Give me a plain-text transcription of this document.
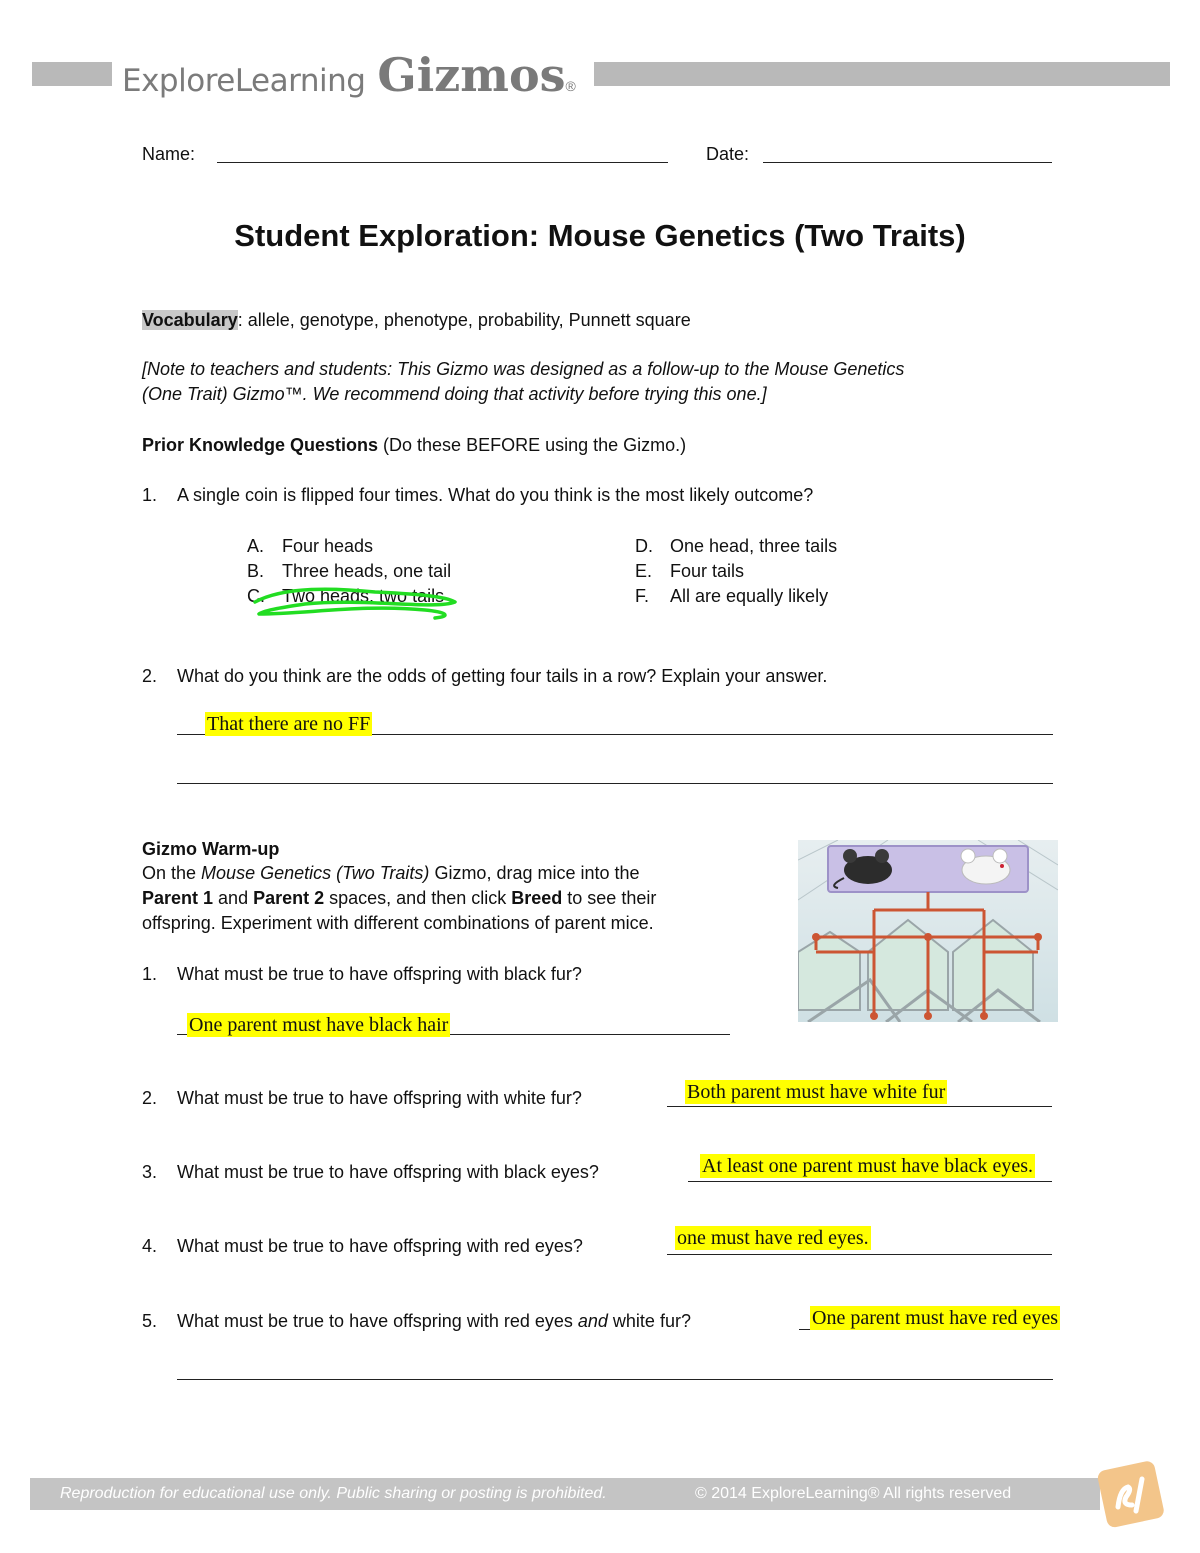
ExploreLearning Gizmos ®
Name:	Date:
Student Exploration: Mouse Genetics (Two Traits)
Vocabulary: allele, genotype, phenotype, probability, Punnett square
[Note to teachers and students: This Gizmo was designed as a follow-up to the Mouse Genetics
(One Trait) Gizmo™. We recommend doing that activity before trying this one.]
Prior Knowledge Questions (Do these BEFORE using the Gizmo.)
1. A single coin is flipped four times. What do you think is the most likely outcome?
A. Four heads
B. Three heads, one tail
C. Two heads, two tails
D. One head, three tails
E. Four tails
F. All are equally likely
2. What do you think are the odds of getting four tails in a row? Explain your answer.
That there are no FF
Gizmo Warm-up
On the Mouse Genetics (Two Traits) Gizmo, drag mice into the
Parent 1 and Parent 2 spaces, and then click Breed to see their
offspring. Experiment with different combinations of parent mice.
1. What must be true to have offspring with black fur?
One parent must have black hair
2. What must be true to have offspring with white fur?	Both parent must have white fur
3. What must be true to have offspring with black eyes?	At least one parent must have black eyes.
4. What must be true to have offspring with red eyes?	one must have red eyes.
5. What must be true to have offspring with red eyes and white fur?	One parent must have red eyes
Reproduction for educational use only. Public sharing or posting is prohibited.	© 2014 ExploreLearning® All rights reserved
